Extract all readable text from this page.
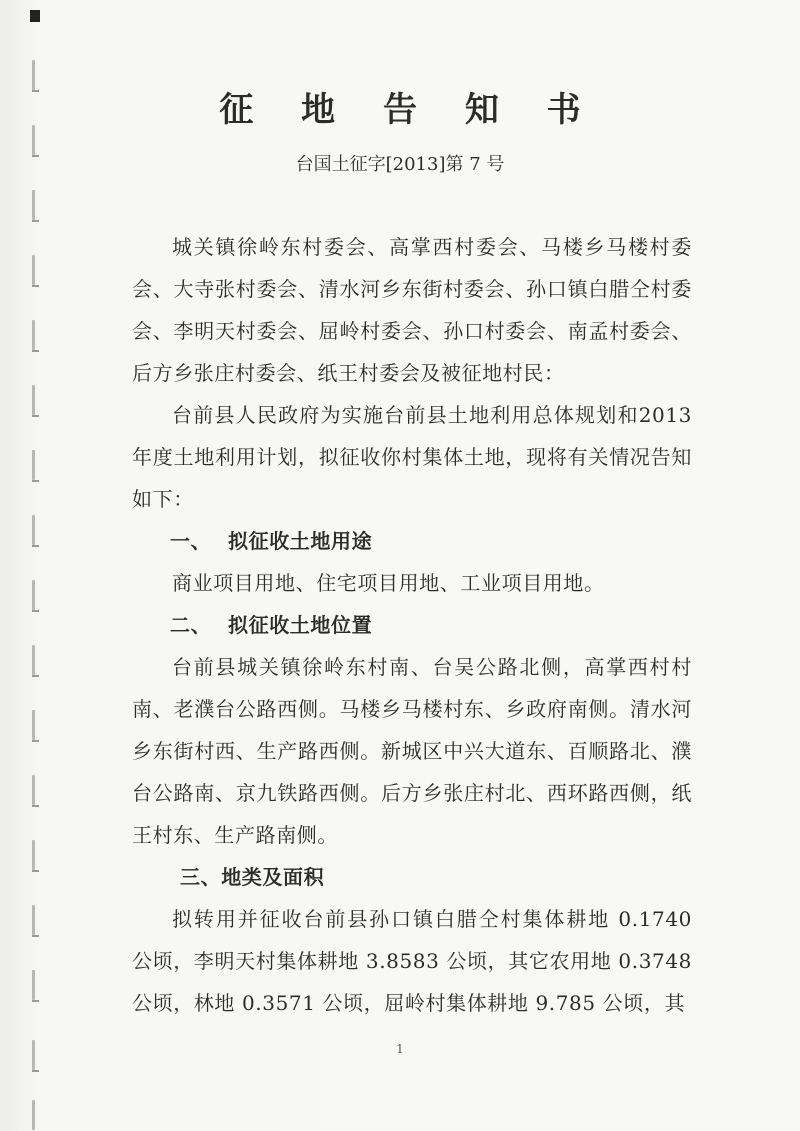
征 地 告 知 书
台国土征字[2013]第 7 号

城关镇徐岭东村委会、高掌西村委会、马楼乡马楼村委会、大寺张村委会、清水河乡东街村委会、孙口镇白腊仝村委会、李明天村委会、屈岭村委会、孙口村委会、南孟村委会、后方乡张庄村委会、纸王村委会及被征地村民：

台前县人民政府为实施台前县土地利用总体规划和2013年度土地利用计划，拟征收你村集体土地，现将有关情况告知如下：

一、 拟征收土地用途

商业项目用地、住宅项目用地、工业项目用地。

二、 拟征收土地位置

台前县城关镇徐岭东村南、台吴公路北侧，高掌西村村南、老濮台公路西侧。马楼乡马楼村东、乡政府南侧。清水河乡东街村西、生产路西侧。新城区中兴大道东、百顺路北、濮台公路南、京九铁路西侧。后方乡张庄村北、西环路西侧，纸王村东、生产路南侧。

三、地类及面积

拟转用并征收台前县孙口镇白腊仝村集体耕地 0.1740 公顷，李明天村集体耕地 3.8583 公顷，其它农用地 0.3748 公顷，林地 0.3571 公顷，屈岭村集体耕地 9.785 公顷，其

1
